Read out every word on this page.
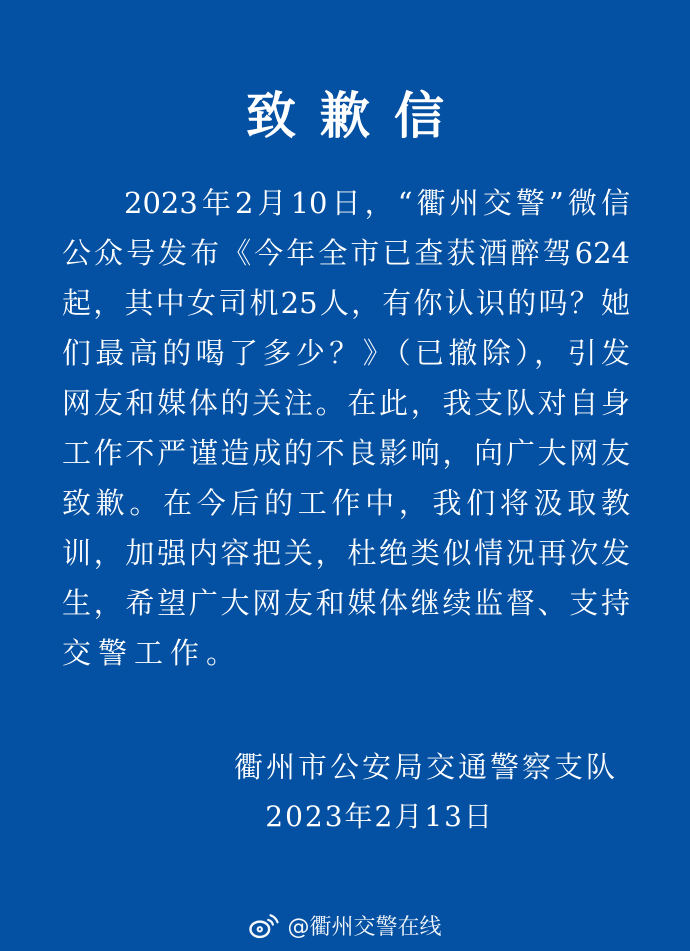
致歉信
2023年2月10日，“衢州交警”微信
公众号发布《今年全市已查获酒醉驾624
起，其中女司机25人，有你认识的吗？她
们最高的喝了多少？》（已撤除），引发
网友和媒体的关注。在此，我支队对自身
工作不严谨造成的不良影响，向广大网友
致歉。在今后的工作中，我们将汲取教
训，加强内容把关，杜绝类似情况再次发
生，希望广大网友和媒体继续监督、支持
交警工作。
衢州市公安局交通警察支队
2023年2月13日
@衢州交警在线
